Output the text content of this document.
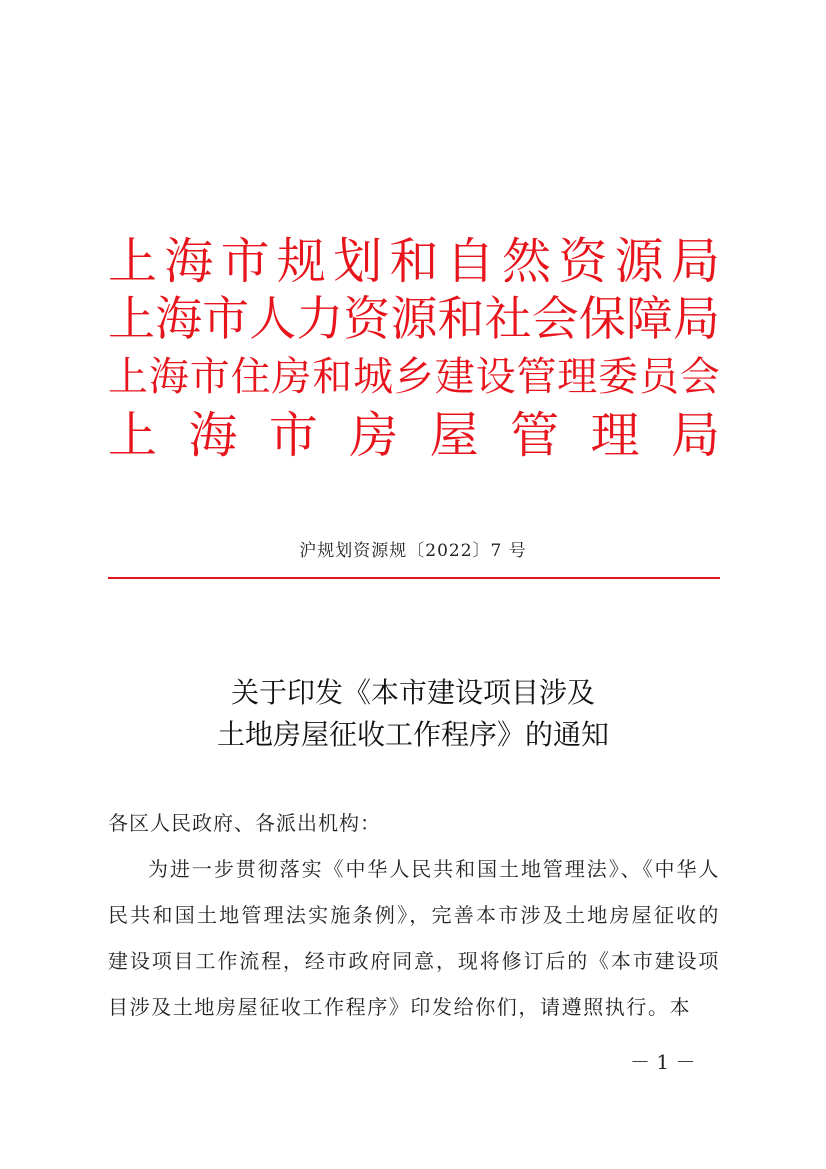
上 海 市 规 划 和 自 然 资 源 局
上 海 市 人 力 资 源 和 社 会 保 障 局
上 海 市 住 房 和 城 乡 建 设 管 理 委 员 会
上 海 市 房 屋 管 理 局
沪规划资源规〔2022〕7 号
关于印发《本市建设项目涉及
土地房屋征收工作程序》的通知

各区人民政府、各派出机构：

为进一步贯彻落实《中华人民共和国土地管理法》、《中华人民共和国土地管理法实施条例》，完善本市涉及土地房屋征收的建设项目工作流程，经市政府同意，现将修订后的《本市建设项目涉及土地房屋征收工作程序》印发给你们，请遵照执行。本

－ 1 －
